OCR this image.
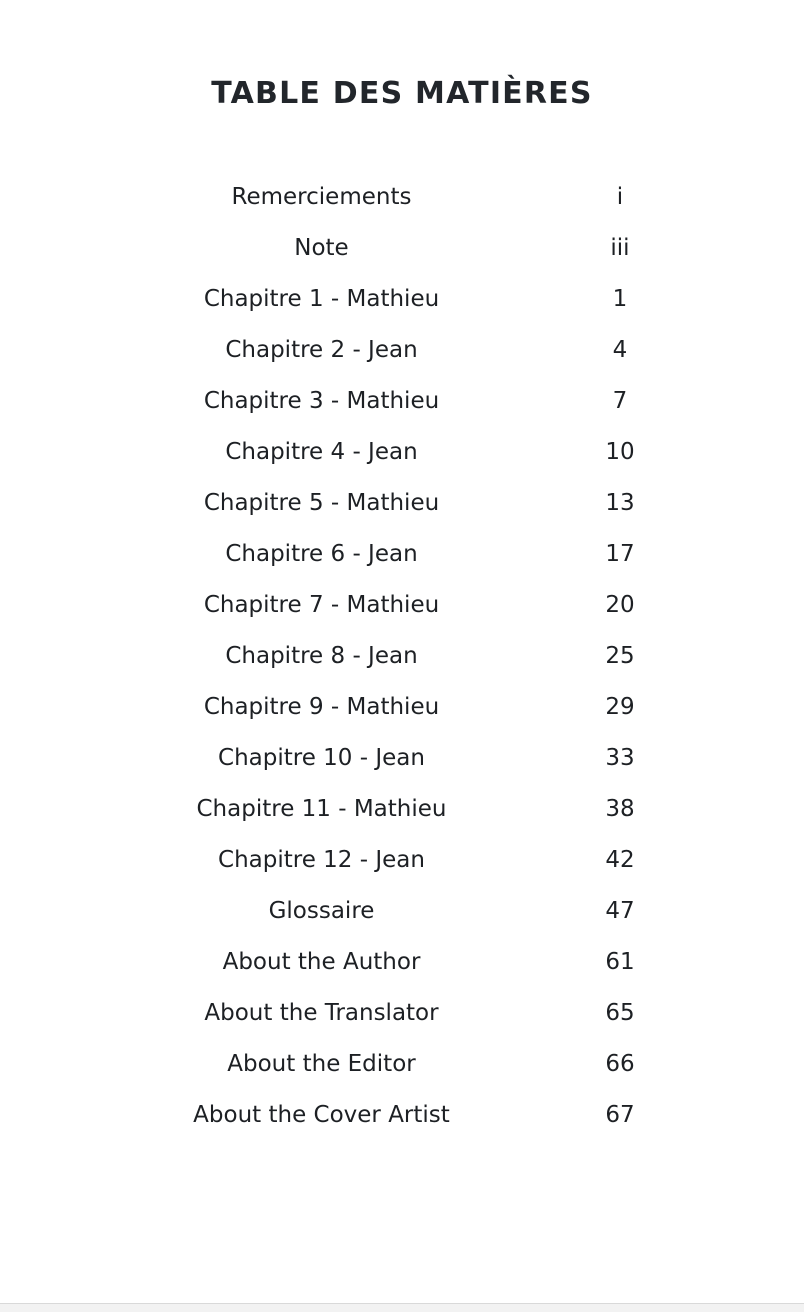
TABLE DES MATIÈRES
Remerciements	i
Note	iii
Chapitre 1 - Mathieu	1
Chapitre 2 - Jean	4
Chapitre 3 - Mathieu	7
Chapitre 4 - Jean	10
Chapitre 5 - Mathieu	13
Chapitre 6 - Jean	17
Chapitre 7 - Mathieu	20
Chapitre 8 - Jean	25
Chapitre 9 - Mathieu	29
Chapitre 10 - Jean	33
Chapitre 11 - Mathieu	38
Chapitre 12 - Jean	42
Glossaire	47
About the Author	61
About the Translator	65
About the Editor	66
About the Cover Artist	67
